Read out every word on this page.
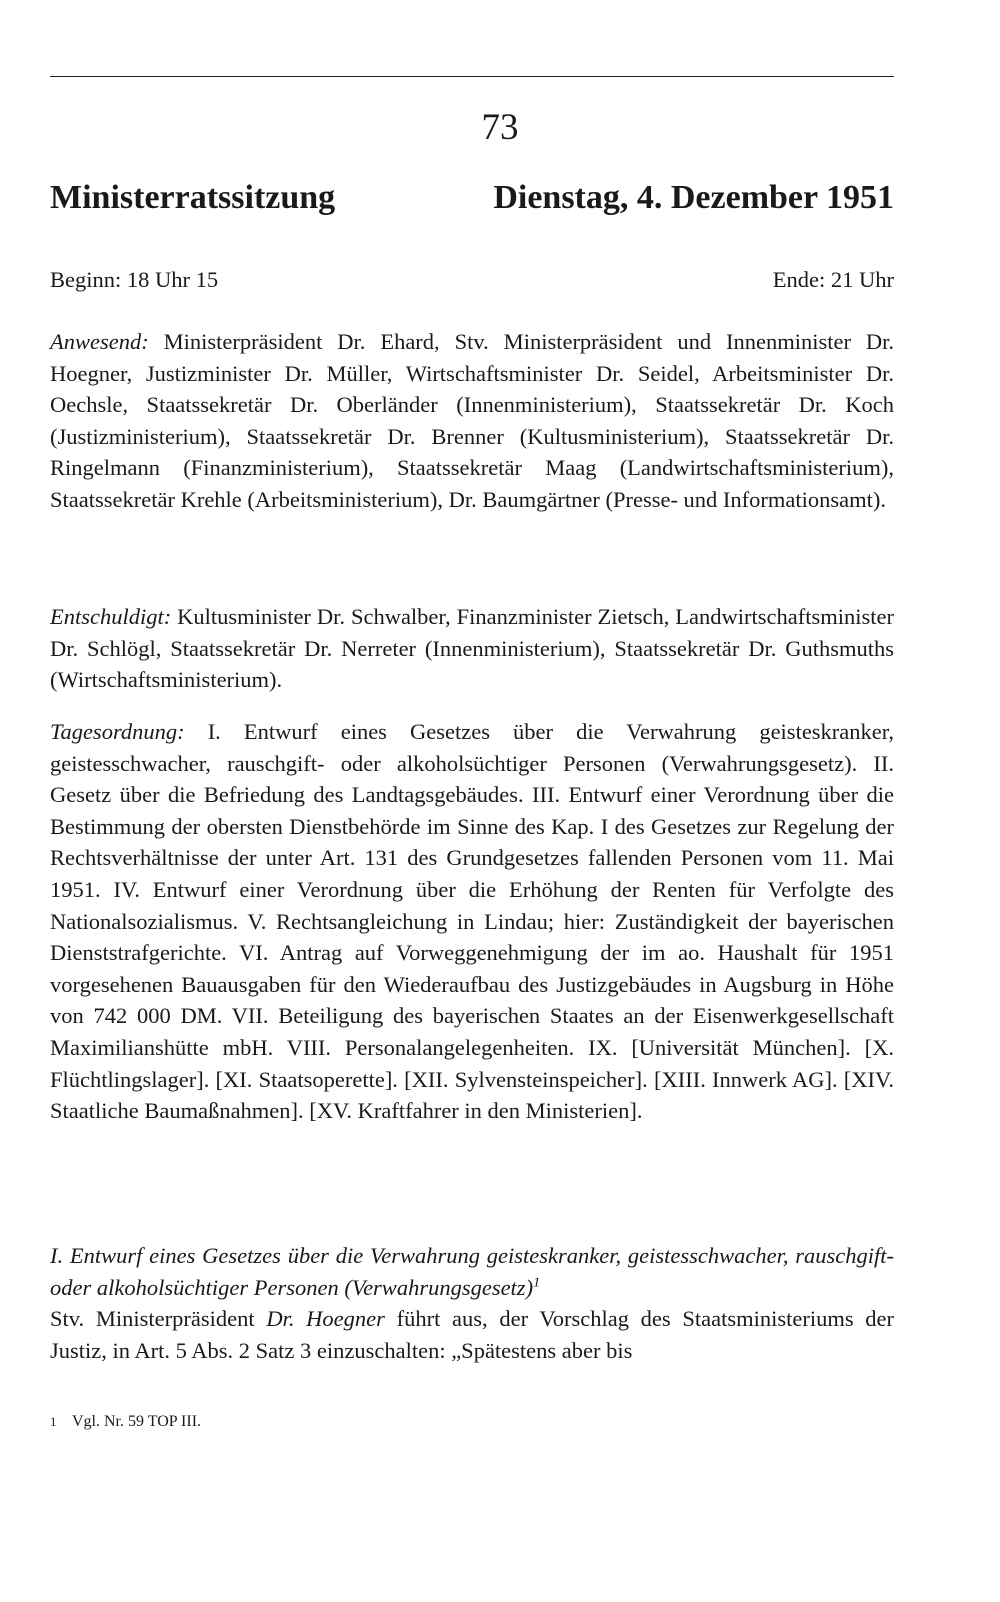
73
Ministerratssitzung	Dienstag, 4. Dezember 1951
Beginn: 18 Uhr 15	Ende: 21 Uhr
Anwesend: Ministerpräsident Dr. Ehard, Stv. Ministerpräsident und Innenminister Dr. Hoegner, Justizminister Dr. Müller, Wirtschaftsminister Dr. Seidel, Arbeitsminister Dr. Oechsle, Staatssekretär Dr. Oberländer (Innenministerium), Staatssekretär Dr. Koch (Justizministerium), Staatssekretär Dr. Brenner (Kultusministerium), Staatssekretär Dr. Ringelmann (Finanzministerium), Staatssekretär Maag (Landwirtschaftsministerium), Staatssekretär Krehle (Arbeitsministerium), Dr. Baumgärtner (Presse- und Informationsamt).
Entschuldigt: Kultusminister Dr. Schwalber, Finanzminister Zietsch, Landwirtschaftsminister Dr. Schlögl, Staatssekretär Dr. Nerreter (Innenministerium), Staatssekretär Dr. Guthsmuths (Wirtschaftsministerium).
Tagesordnung: I. Entwurf eines Gesetzes über die Verwahrung geisteskranker, geistesschwacher, rauschgift- oder alkoholsüchtiger Personen (Verwahrungsgesetz). II. Gesetz über die Befriedung des Landtagsgebäudes. III. Entwurf einer Verordnung über die Bestimmung der obersten Dienstbehörde im Sinne des Kap. I des Gesetzes zur Regelung der Rechtsverhältnisse der unter Art. 131 des Grundgesetzes fallenden Personen vom 11. Mai 1951. IV. Entwurf einer Verordnung über die Erhöhung der Renten für Verfolgte des Nationalsozialismus. V. Rechtsangleichung in Lindau; hier: Zuständigkeit der bayerischen Dienststrafgerichte. VI. Antrag auf Vorweggenehmigung der im ao. Haushalt für 1951 vorgesehenen Bauausgaben für den Wiederaufbau des Justizgebäudes in Augsburg in Höhe von 742 000 DM. VII. Beteiligung des bayerischen Staates an der Eisenwerkgesellschaft Maximilianshütte mbH. VIII. Personalangelegenheiten. IX. [Universität München]. [X. Flüchtlingslager]. [XI. Staatsoperette]. [XII. Sylvensteinspeicher]. [XIII. Innwerk AG]. [XIV. Staatliche Baumaßnahmen]. [XV. Kraftfahrer in den Ministerien].
I. Entwurf eines Gesetzes über die Verwahrung geisteskranker, geistesschwacher, rauschgift- oder alkoholsüchtiger Personen (Verwahrungsgesetz)$^1$
Stv. Ministerpräsident Dr. Hoegner führt aus, der Vorschlag des Staatsministeriums der Justiz, in Art. 5 Abs. 2 Satz 3 einzuschalten: „Spätestens aber bis
1 Vgl. Nr. 59 TOP III.
